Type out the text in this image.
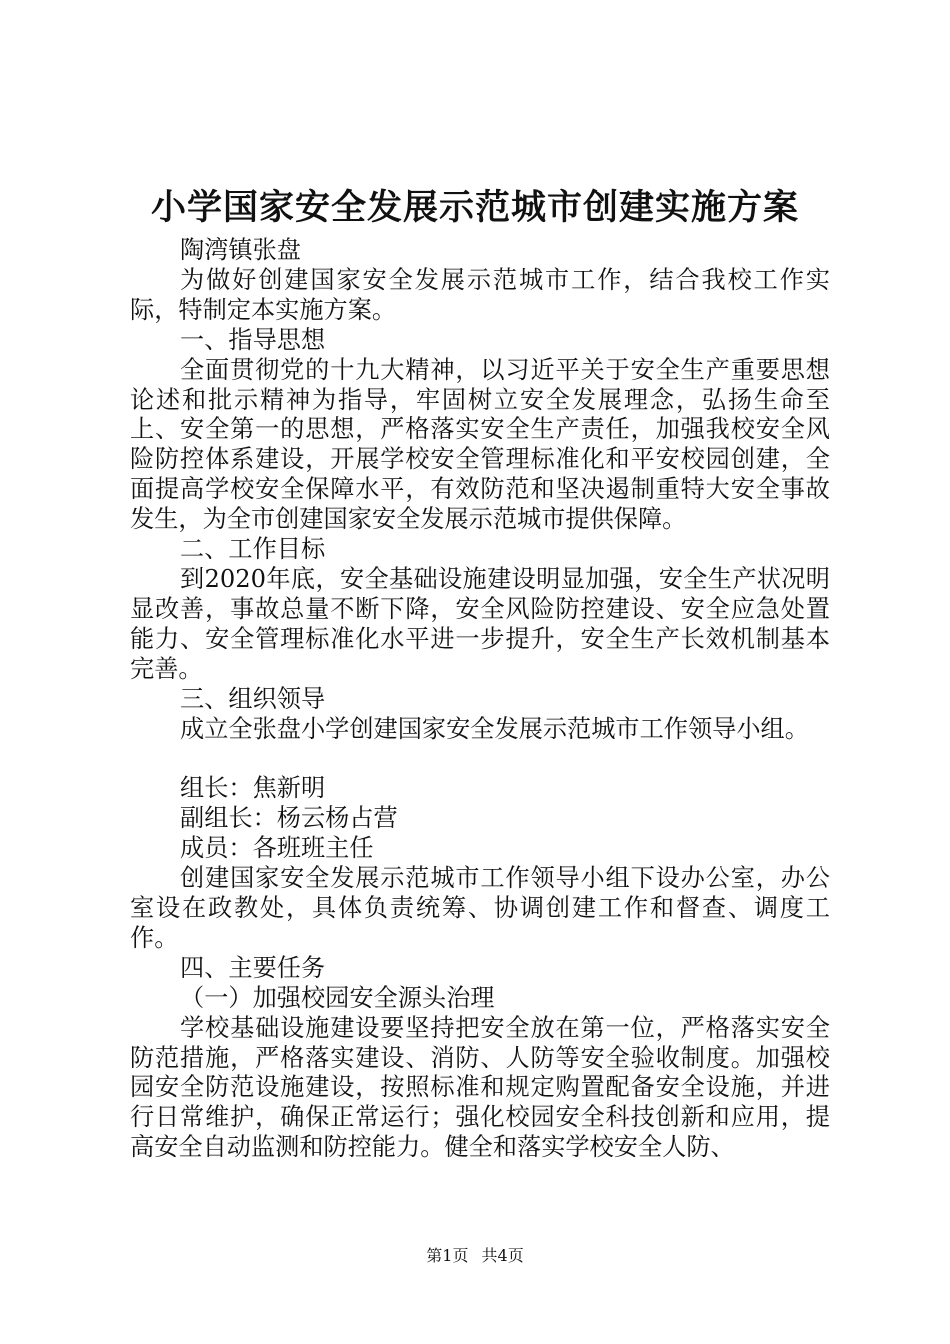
小学国家安全发展示范城市创建实施方案

陶湾镇张盘

为做好创建国家安全发展示范城市工作，结合我校工作实际，特制定本实施方案。

一、指导思想

全面贯彻党的十九大精神，以习近平关于安全生产重要思想论述和批示精神为指导，牢固树立安全发展理念，弘扬生命至上、安全第一的思想，严格落实安全生产责任，加强我校安全风险防控体系建设，开展学校安全管理标准化和平安校园创建，全面提高学校安全保障水平，有效防范和坚决遏制重特大安全事故发生，为全市创建国家安全发展示范城市提供保障。

二、工作目标

到2020年底，安全基础设施建设明显加强，安全生产状况明显改善，事故总量不断下降，安全风险防控建设、安全应急处置能力、安全管理标准化水平进一步提升，安全生产长效机制基本完善。

三、组织领导

成立全张盘小学创建国家安全发展示范城市工作领导小组。

组长：焦新明

副组长：杨云杨占营

成员：各班班主任

创建国家安全发展示范城市工作领导小组下设办公室，办公室设在政教处，具体负责统筹、协调创建工作和督查、调度工作。

四、主要任务

（一）加强校园安全源头治理

学校基础设施建设要坚持把安全放在第一位，严格落实安全防范措施，严格落实建设、消防、人防等安全验收制度。加强校园安全防范设施建设，按照标准和规定购置配备安全设施，并进行日常维护，确保正常运行；强化校园安全科技创新和应用，提高安全自动监测和防控能力。健全和落实学校安全人防、

第1页 共4页
